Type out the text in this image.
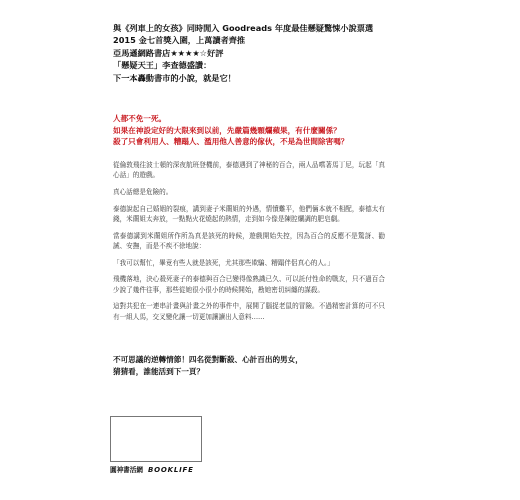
與《列車上的女孩》同時閒入 Goodreads 年度最佳懸疑驚悚小說票選
2015 金七首獎入圍，上萬讀者齊推
亞馬遜網路書店★★★★☆好評
「懸疑天王」李查德盛讚：
下一本轟動書市的小說，就是它！
人都不免一死。
如果在神設定好的大限來到以前，先嚴篇幾顆爛蘋果，有什麼關係？
殺了只會利用人、糟蹋人、濫用他人善意的傢伙，不是為世間除害嗎？

從倫敦飛往波士頓的深夜航班登機前，泰德遇到了神秘的百合，兩人品嚐著馬丁尼，玩起「真心話」的遊戲。

真心話總是危險的。

泰德說起自己婚姻的裂痕，講到妻子米蘭姐的外遇，情憤難平，他們倆本就不相配，泰德太有錢，米蘭姐太奔放，一點點火花燒起的熱情，走到如今像是陳腔爛調的肥皂劇。

當泰德講到米蘭姐所作所為真是該死的時候，遊戲開始失控，因為百合的反應不是驚訝、勸誡、安撫，而是不疾不徐地說：

「我可以幫忙，畢竟有些人就是該死，尤其那些欺騙、糟蹋伴侶真心的人。」

飛機落地，決心殺死妻子的泰德與百合已變得像熟識已久、可以託付性命的戰友，只不過百合少說了幾件往事，那些從她很小很小的時候開始，勘她密切糾纏的謀殺。

這對共犯在一連串計畫與計畫之外的事件中，展開了腦捉老鼠的冒險。不過精密計算的可不只有一組人馬，交叉變化讓一切更加讓讀出人意料……

不可思議的逆轉情節！四名從對斷殺、心計百出的男女，
猜猜看，誰能活到下一頁？
圓神書活網 BOOKLIFE
